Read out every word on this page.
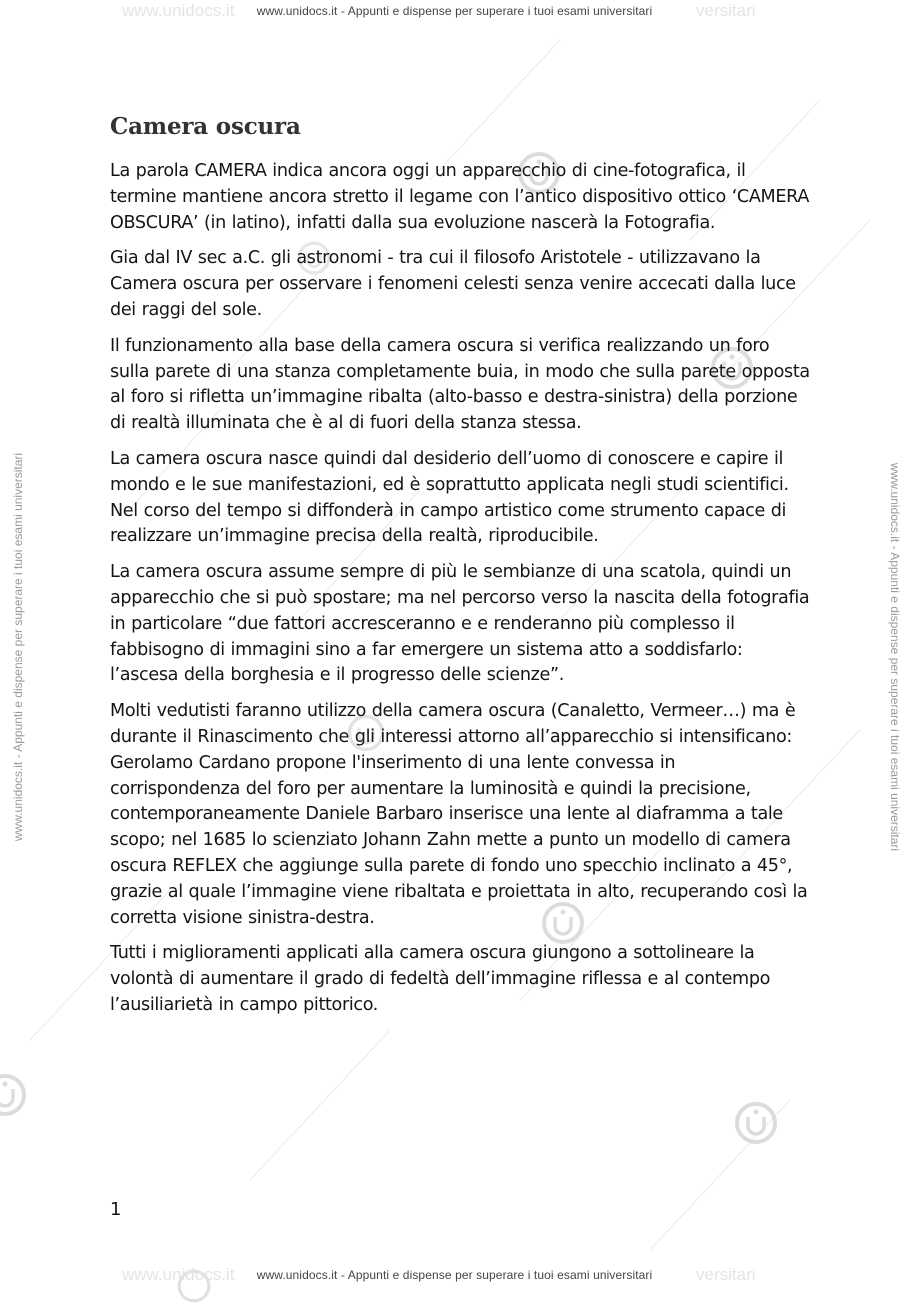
www.unidocs.it	versitari
www.unidocs.it	versitari
www.unidocs.it - Appunti e dispense per superare i tuoi esami universitari
www.unidocs.it - Appunti e dispense per superare i tuoi esami universitari
www.unidocs.it - Appunti e dispense per superare i tuoi esami universitari	www.unidocs.it - Appunti e dispense per superare i tuoi esami universitari
Camera oscura

La parola CAMERA indica ancora oggi un apparecchio di cine-fotografica, il termine mantiene ancora stretto il legame con l’antico dispositivo ottico ‘CAMERA OBSCURA’ (in latino), infatti dalla sua evoluzione nascerà la Fotografia.

Gia dal IV sec a.C. gli astronomi - tra cui il filosofo Aristotele - utilizzavano la Camera oscura per osservare i fenomeni celesti senza venire accecati dalla luce dei raggi del sole.

Il funzionamento alla base della camera oscura si verifica realizzando un foro sulla parete di una stanza completamente buia, in modo che sulla parete opposta al foro si rifletta un’immagine ribalta (alto-basso e destra-sinistra) della porzione di realtà illuminata che è al di fuori della stanza stessa.

La camera oscura nasce quindi dal desiderio dell’uomo di conoscere e capire il mondo e le sue manifestazioni, ed è soprattutto applicata negli studi scientifici. Nel corso del tempo si diffonderà in campo artistico come strumento capace di realizzare un’immagine precisa della realtà, riproducibile.

La camera oscura assume sempre di più le sembianze di una scatola, quindi un apparecchio che si può spostare; ma nel percorso verso la nascita della fotografia in particolare “due fattori accresceranno e e renderanno più complesso il fabbisogno di immagini sino a far emergere un sistema atto a soddisfarlo: l’ascesa della borghesia e il progresso delle scienze”.

Molti vedutisti faranno utilizzo della camera oscura (Canaletto, Vermeer…) ma è durante il Rinascimento che gli interessi attorno all’apparecchio si intensificano: Gerolamo Cardano propone l'inserimento di una lente convessa in corrispondenza del foro per aumentare la luminosità e quindi la precisione, contemporaneamente Daniele Barbaro inserisce una lente al diaframma a tale scopo; nel 1685 lo scienziato Johann Zahn mette a punto un modello di camera oscura REFLEX che aggiunge sulla parete di fondo uno specchio inclinato a 45°, grazie al quale l’immagine viene ribaltata e proiettata in alto, recuperando così la corretta visione sinistra-destra.

Tutti i miglioramenti applicati alla camera oscura giungono a sottolineare la volontà di aumentare il grado di fedeltà dell’immagine riflessa e al contempo l’ausiliarietà in campo pittorico.

1
